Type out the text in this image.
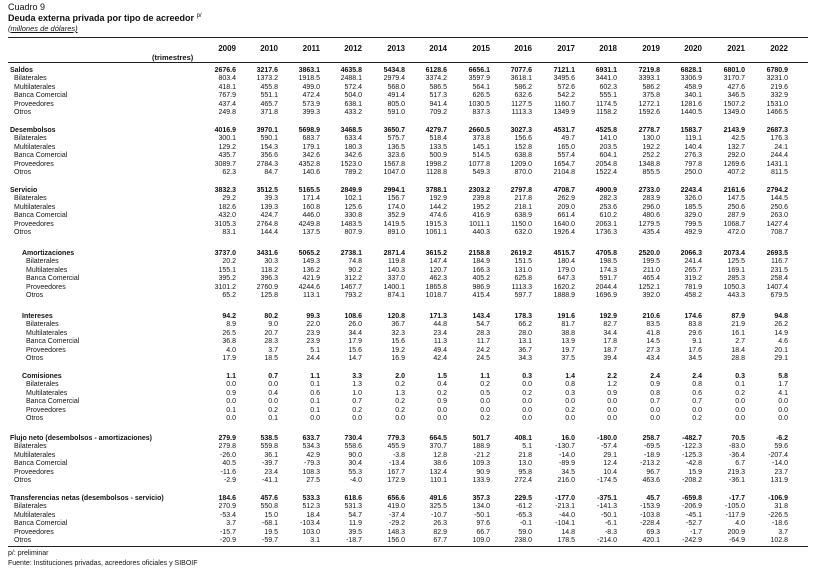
Cuadro 9
Deuda externa privada por tipo de acreedor $^{p/}$
(millones de dólares)
2009	2010	2011	2012	2013	2014	2015	2016	2017	2018	2019	2020	2021	2022
(trimestres)
Saldos	2676.6	3217.6	3863.1	4635.8	5434.8	6128.6	6656.1	7077.6	7121.1	6931.1	7219.8	6828.1	6801.0	6780.9
Bilaterales	803.4	1373.2	1918.5	2488.1	2979.4	3374.2	3597.9	3618.1	3495.6	3441.0	3393.1	3306.9	3170.7	3231.0
Multilaterales	418.1	455.8	499.0	572.4	568.0	586.5	564.1	586.2	572.6	602.3	586.2	458.9	427.6	219.6
Banca Comercial	767.9	551.1	472.4	504.0	491.4	517.3	626.5	632.6	542.2	555.1	375.8	340.1	346.5	332.9
Proveedores	437.4	465.7	573.9	638.1	805.0	941.4	1030.5	1127.5	1160.7	1174.5	1272.1	1281.6	1507.2	1531.0
Otros	249.8	371.8	399.3	433.2	591.0	709.2	837.3	1113.3	1349.9	1158.2	1592.6	1440.5	1349.0	1466.5
Desembolsos	4016.9	3970.1	5698.9	3468.5	3650.7	4279.7	2660.5	3027.3	4531.7	4525.8	2778.7	1583.7	2143.9	2687.3
Bilaterales	300.1	590.1	683.7	633.4	575.7	518.4	373.8	156.6	49.7	141.0	130.0	119.1	42.5	176.3
Multilaterales	129.2	154.3	179.1	180.3	136.5	133.5	145.1	152.8	165.0	203.5	192.2	140.4	132.7	24.1
Banca Comercial	435.7	356.6	342.6	342.6	323.6	500.9	514.5	638.8	557.4	604.1	252.2	276.3	292.0	244.4
Proveedores	3089.7	2784.3	4352.8	1523.0	1567.8	1998.2	1077.8	1209.0	1654.7	2054.8	1348.8	797.8	1269.6	1431.1
Otros	62.3	84.7	140.6	789.2	1047.0	1128.8	549.3	870.0	2104.8	1522.4	855.5	250.0	407.2	811.5
Servicio	3832.3	3512.5	5165.5	2849.9	2994.1	3788.1	2303.2	2797.8	4708.7	4900.9	2733.0	2243.4	2161.6	2794.2
Bilaterales	29.2	39.3	171.4	102.1	156.7	192.9	239.8	217.8	262.9	282.3	283.9	326.0	147.5	144.5
Multilaterales	182.6	139.3	160.8	125.6	174.0	144.2	195.2	218.1	209.0	253.6	296.0	185.5	250.6	250.6
Banca Comercial	432.0	424.7	446.0	330.8	352.9	474.6	416.9	638.9	661.4	610.2	480.6	329.0	287.9	263.0
Proveedores	3105.3	2764.8	4249.8	1483.5	1419.5	1915.3	1011.1	1150.0	1640.0	2063.1	1279.5	799.5	1068.7	1427.4
Otros	83.1	144.4	137.5	807.9	891.0	1061.1	440.3	632.0	1926.4	1736.3	435.4	492.9	472.0	708.7
Amortizaciones	3737.0	3431.6	5065.2	2738.1	2871.4	3615.2	2158.8	2619.2	4515.7	4705.8	2520.0	2066.3	2073.4	2693.5
Bilaterales	20.2	30.3	149.3	74.8	119.8	147.4	184.9	151.5	180.4	198.5	199.5	241.4	125.5	116.7
Multilaterales	155.1	118.2	136.2	90.2	140.3	120.7	166.3	131.0	179.0	174.3	211.0	265.7	169.1	231.5
Banca Comercial	395.2	396.3	421.9	312.2	337.0	462.3	405.2	625.8	647.3	591.7	465.4	319.2	285.3	258.4
Proveedores	3101.2	2760.9	4244.6	1467.7	1400.1	1865.8	986.9	1113.3	1620.2	2044.4	1252.1	781.9	1050.3	1407.4
Otros	65.2	125.8	113.1	793.2	874.1	1018.7	415.4	597.7	1888.9	1696.9	392.0	458.2	443.3	679.5
Intereses	94.2	80.2	99.3	108.6	120.8	171.3	143.4	178.3	191.6	192.9	210.6	174.6	87.9	94.8
Bilaterales	8.9	9.0	22.0	26.0	36.7	44.8	54.7	66.2	81.7	82.7	83.5	83.8	21.9	26.2
Multilaterales	26.5	20.7	23.9	34.4	32.3	23.4	28.3	28.0	38.8	34.4	41.8	29.6	16.1	14.9
Banca Comercial	36.8	28.3	23.9	17.9	15.6	11.3	11.7	13.1	13.9	17.8	14.5	9.1	2.7	4.6
Proveedores	4.0	3.7	5.1	15.6	19.2	49.4	24.2	36.7	19.7	18.7	27.3	17.6	18.4	20.1
Otros	17.9	18.5	24.4	14.7	16.9	42.4	24.5	34.3	37.5	39.4	43.4	34.5	28.8	29.1
Comisiones	1.1	0.7	1.1	3.3	2.0	1.5	1.1	0.3	1.4	2.2	2.4	2.4	0.3	5.8
Bilaterales	0.0	0.0	0.1	1.3	0.2	0.4	0.2	0.0	0.8	1.2	0.9	0.8	0.1	1.7
Multilaterales	0.9	0.4	0.6	1.0	1.3	0.2	0.5	0.2	0.3	0.9	0.8	0.6	0.2	4.1
Banca Comercial	0.0	0.0	0.1	0.7	0.2	0.9	0.0	0.0	0.0	0.0	0.7	0.7	0.0	0.0
Proveedores	0.1	0.2	0.1	0.2	0.2	0.0	0.0	0.0	0.2	0.0	0.0	0.0	0.0	0.0
Otros	0.0	0.1	0.0	0.0	0.0	0.0	0.2	0.0	0.0	0.0	0.0	0.2	0.0	0.0
Flujo neto (desembolsos - amortizaciones)	279.9	538.5	633.7	730.4	779.3	664.5	501.7	408.1	16.0	-180.0	258.7	-482.7	70.5	-6.2
Bilaterales	279.8	559.8	534.3	558.6	455.9	370.7	188.9	5.1	-130.7	-57.4	-69.5	-122.3	-83.0	59.6
Multilaterales	-26.0	36.1	42.9	90.0	-3.8	12.8	-21.2	21.8	-14.0	29.1	-18.9	-125.3	-36.4	-207.4
Banca Comercial	40.5	-39.7	-79.3	30.4	-13.4	38.6	109.3	13.0	-89.9	12.4	-213.2	-42.8	6.7	-14.0
Proveedores	-11.6	23.4	108.3	55.3	167.7	132.4	90.9	95.8	34.5	10.4	96.7	15.9	219.3	23.7
Otros	-2.9	-41.1	27.5	-4.0	172.9	110.1	133.9	272.4	216.0	-174.5	463.6	-208.2	-36.1	131.9
Transferencias netas (desembolsos - servicio)	184.6	457.6	533.3	618.6	656.6	491.6	357.3	229.5	-177.0	-375.1	45.7	-659.8	-17.7	-106.9
Bilaterales	270.9	550.8	512.3	531.3	419.0	325.5	134.0	-61.2	-213.1	-141.3	-153.9	-206.9	-105.0	31.8
Multilaterales	-53.4	15.0	18.4	54.7	-37.4	-10.7	-50.1	-65.3	-44.0	-50.1	-103.8	-45.1	-117.9	-226.5
Banca Comercial	3.7	-68.1	-103.4	11.9	-29.2	26.3	97.6	-0.1	-104.1	-6.1	-228.4	-52.7	4.0	-18.6
Proveedores	-15.7	19.5	103.0	39.5	148.3	82.9	66.7	59.0	14.8	-8.3	69.3	-1.7	200.9	3.7
Otros	-20.9	-59.7	3.1	-18.7	156.0	67.7	109.0	238.0	178.5	-214.0	420.1	-242.9	-64.9	102.8
p/: preliminar
Fuente: Instituciones privadas, acreedores oficiales y SIBOIF
